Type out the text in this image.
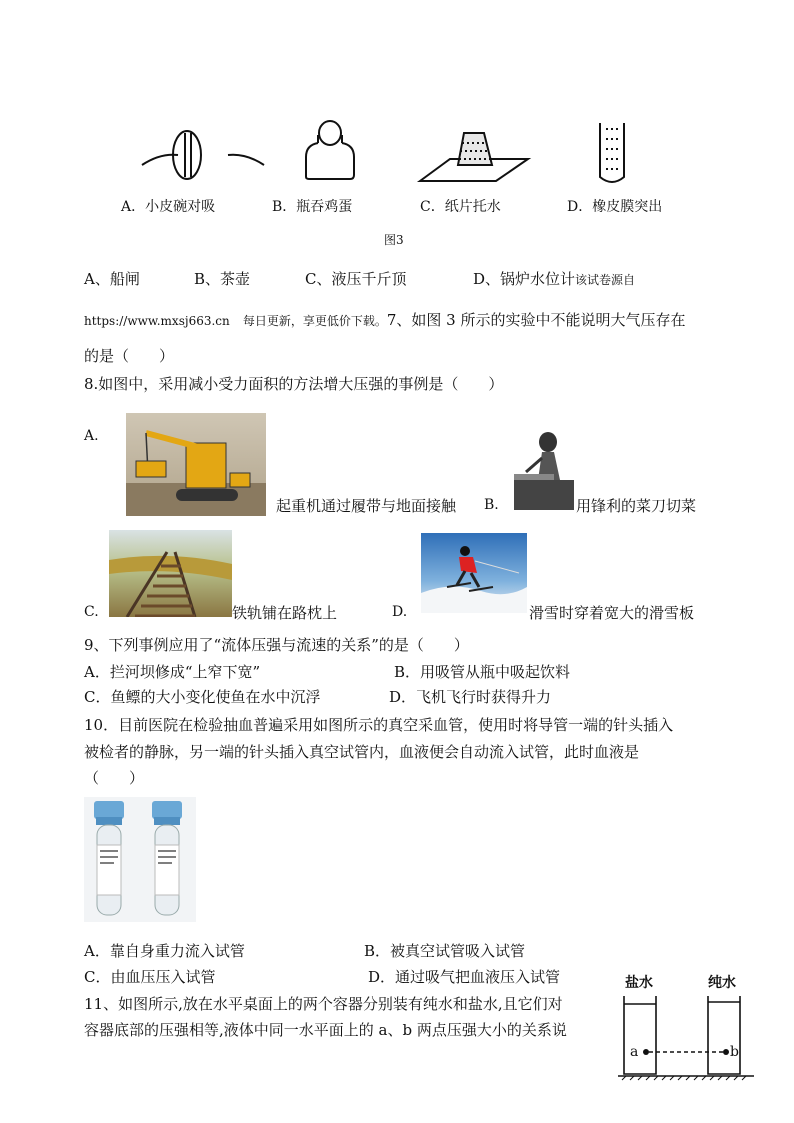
A．小皮碗对吸	B．瓶吞鸡蛋	C．纸片托水	D．橡皮膜突出
图3
A、船闸	B、茶壶	C、液压千斤顶	D、锅炉水位计该试卷源自
https://www.mxsj663.cn 每日更新，享更低价下载。7、如图 3 所示的实验中不能说明大气压存在
的是（　　）
8.如图中，采用减小受力面积的方法增大压强的事例是（　　）
A.
起重机通过履带与地面接触 B.	用锋利的菜刀切菜
C.	铁轨铺在路枕上	D.	滑雪时穿着宽大的滑雪板
9、下列事例应用了“流体压强与流速的关系”的是（　　）
A．拦河坝修成“上窄下宽”	B．用吸管从瓶中吸起饮料
C．鱼鳔的大小变化使鱼在水中沉浮	D．飞机飞行时获得升力
10．目前医院在检验抽血普遍采用如图所示的真空采血管，使用时将导管一端的针头插入
被检者的静脉，另一端的针头插入真空试管内，血液便会自动流入试管，此时血液是
（　　）
A．靠自身重力流入试管	B．被真空试管吸入试管
C．由血压压入试管	D．通过吸气把血液压入试管
11、如图所示,放在水平桌面上的两个容器分别装有纯水和盐水,且它们对
容器底部的压强相等,液体中同一水平面上的 a、b 两点压强大小的关系说
盐水	纯水
a	b
